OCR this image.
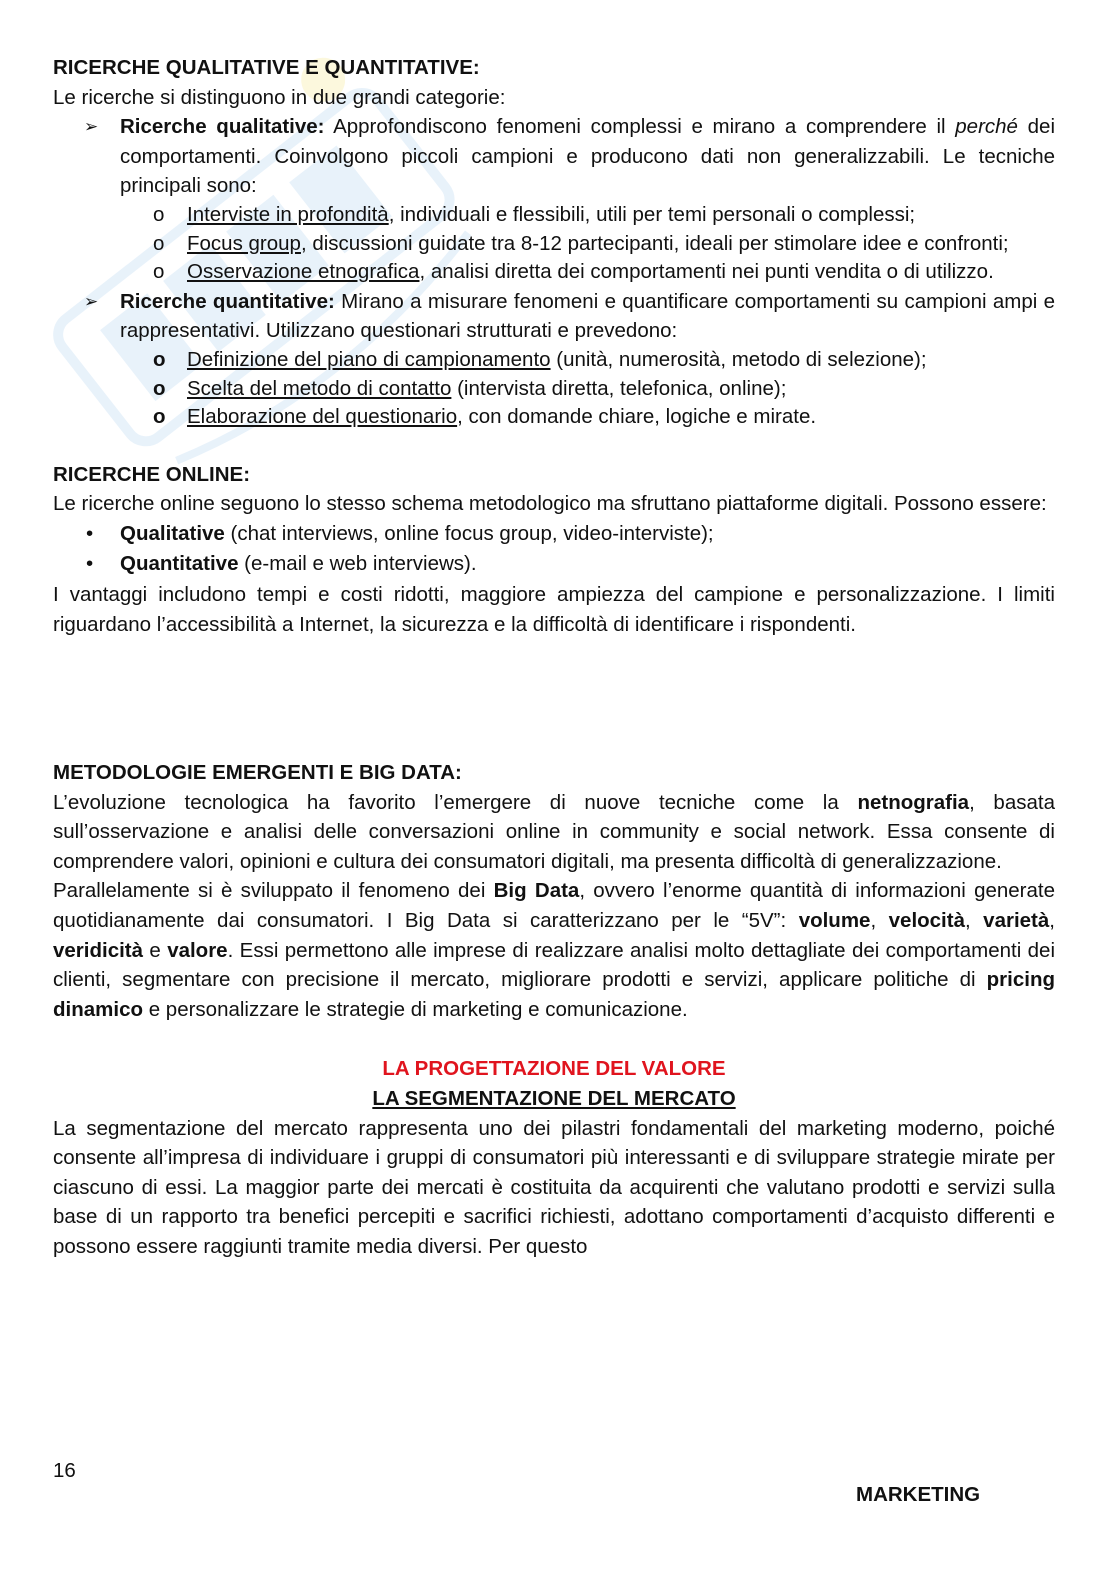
RICERCHE QUALITATIVE E QUANTITATIVE:

Le ricerche si distinguono in due grandi categorie:

➢ Ricerche qualitative: Approfondiscono fenomeni complessi e mirano a comprendere il perché dei comportamenti. Coinvolgono piccoli campioni e producono dati non generalizzabili. Le tecniche principali sono:
o Interviste in profondità, individuali e flessibili, utili per temi personali o complessi;
o Focus group, discussioni guidate tra 8-12 partecipanti, ideali per stimolare idee e confronti;
o Osservazione etnografica, analisi diretta dei comportamenti nei punti vendita o di utilizzo.
➢ Ricerche quantitative: Mirano a misurare fenomeni e quantificare comportamenti su campioni ampi e rappresentativi. Utilizzano questionari strutturati e prevedono:
o Definizione del piano di campionamento (unità, numerosità, metodo di selezione);
o Scelta del metodo di contatto (intervista diretta, telefonica, online);
o Elaborazione del questionario, con domande chiare, logiche e mirate.
RICERCHE ONLINE:

Le ricerche online seguono lo stesso schema metodologico ma sfruttano piattaforme digitali. Possono essere:

• Qualitative (chat interviews, online focus group, video-interviste);
• Quantitative (e-mail e web interviews).

I vantaggi includono tempi e costi ridotti, maggiore ampiezza del campione e personalizzazione. I limiti riguardano l’accessibilità a Internet, la sicurezza e la difficoltà di identificare i rispondenti.

METODOLOGIE EMERGENTI E BIG DATA:

L’evoluzione tecnologica ha favorito l’emergere di nuove tecniche come la netnografia, basata sull’osservazione e analisi delle conversazioni online in community e social network. Essa consente di comprendere valori, opinioni e cultura dei consumatori digitali, ma presenta difficoltà di generalizzazione.

Parallelamente si è sviluppato il fenomeno dei Big Data, ovvero l’enorme quantità di informazioni generate quotidianamente dai consumatori. I Big Data si caratterizzano per le “5V”: volume, velocità, varietà, veridicità e valore. Essi permettono alle imprese di realizzare analisi molto dettagliate dei comportamenti dei clienti, segmentare con precisione il mercato, migliorare prodotti e servizi, applicare politiche di pricing dinamico e personalizzare le strategie di marketing e comunicazione.

LA PROGETTAZIONE DEL VALORE

LA SEGMENTAZIONE DEL MERCATO

La segmentazione del mercato rappresenta uno dei pilastri fondamentali del marketing moderno, poiché consente all’impresa di individuare i gruppi di consumatori più interessanti e di sviluppare strategie mirate per ciascuno di essi. La maggior parte dei mercati è costituita da acquirenti che valutano prodotti e servizi sulla base di un rapporto tra benefici percepiti e sacrifici richiesti, adottano comportamenti d’acquisto differenti e possono essere raggiunti tramite media diversi. Per questo

16
MARKETING
